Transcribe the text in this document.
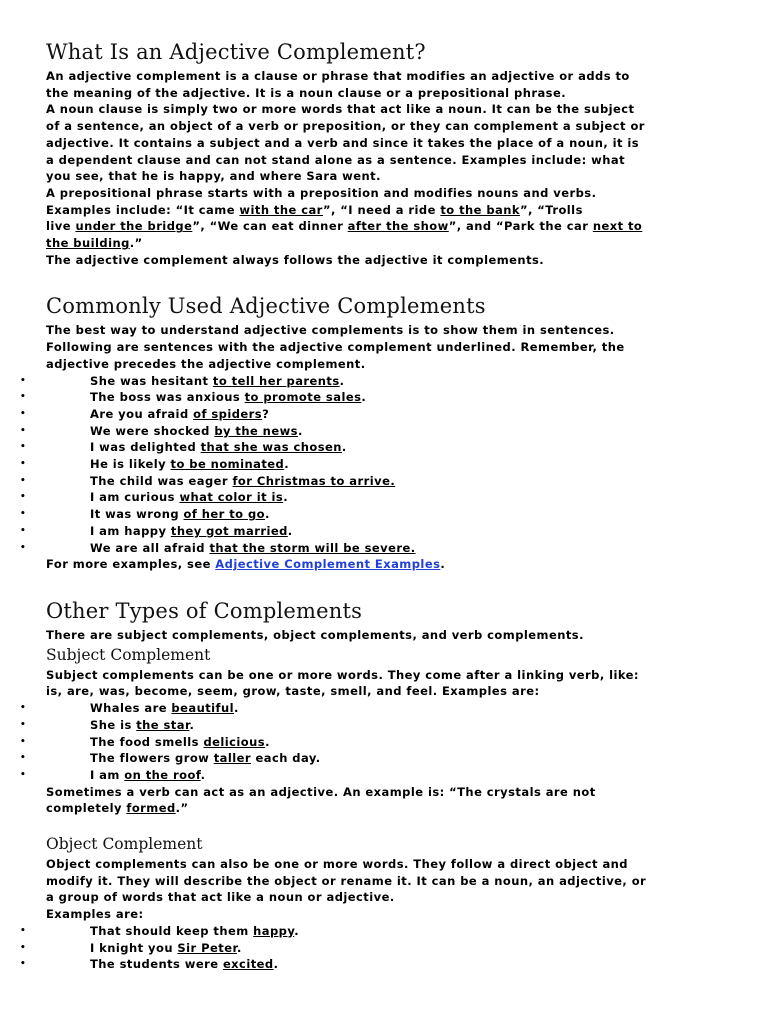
What Is an Adjective Complement?

An adjective complement is a clause or phrase that modifies an adjective or adds to

the meaning of the adjective. It is a noun clause or a prepositional phrase.

A noun clause is simply two or more words that act like a noun. It can be the subject

of a sentence, an object of a verb or preposition, or they can complement a subject or

adjective. It contains a subject and a verb and since it takes the place of a noun, it is

a dependent clause and can not stand alone as a sentence. Examples include: what

you see, that he is happy, and where Sara went.

A prepositional phrase starts with a preposition and modifies nouns and verbs.

Examples include: “It came with the car”, “I need a ride to the bank”, “Trolls

live under the bridge”, “We can eat dinner after the show”, and “Park the car next to

the building.”

The adjective complement always follows the adjective it complements.

Commonly Used Adjective Complements

The best way to understand adjective complements is to show them in sentences.

Following are sentences with the adjective complement underlined. Remember, the

adjective precedes the adjective complement.

•	She was hesitant to tell her parents.
•	The boss was anxious to promote sales.
•	Are you afraid of spiders?
•	We were shocked by the news.
•	I was delighted that she was chosen.
•	He is likely to be nominated.
•	The child was eager for Christmas to arrive.
•	I am curious what color it is.
•	It was wrong of her to go.
•	I am happy they got married.
•	We are all afraid that the storm will be severe.

For more examples, see Adjective Complement Examples.

Other Types of Complements

There are subject complements, object complements, and verb complements.

Subject Complement

Subject complements can be one or more words. They come after a linking verb, like:

is, are, was, become, seem, grow, taste, smell, and feel. Examples are:

•	Whales are beautiful.
•	She is the star.
•	The food smells delicious.
•	The flowers grow taller each day.
•	I am on the roof.

Sometimes a verb can act as an adjective. An example is: “The crystals are not

completely formed.”

Object Complement

Object complements can also be one or more words. They follow a direct object and

modify it. They will describe the object or rename it. It can be a noun, an adjective, or

a group of words that act like a noun or adjective.

Examples are:

•	That should keep them happy.
•	I knight you Sir Peter.
•	The students were excited.
